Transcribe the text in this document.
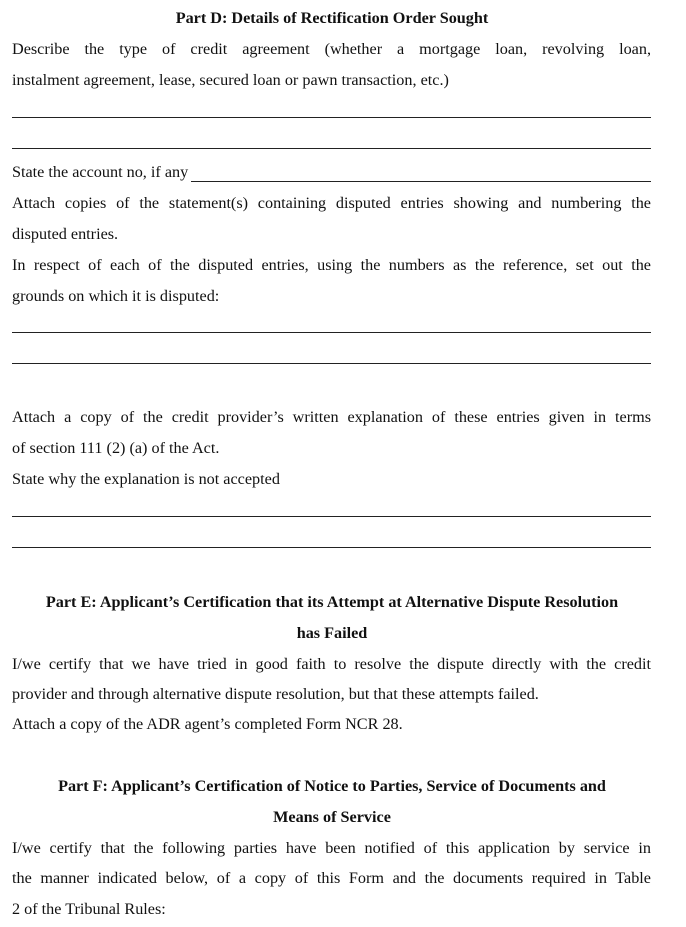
Part D: Details of Rectification Order Sought
Describe the type of credit agreement (whether a mortgage loan, revolving loan,
instalment agreement, lease, secured loan or pawn transaction, etc.)
State the account no, if any
Attach copies of the statement(s) containing disputed entries showing and numbering the
disputed entries.
In respect of each of the disputed entries, using the numbers as the reference, set out the
grounds on which it is disputed:
Attach a copy of the credit provider’s written explanation of these entries given in terms
of section 111 (2) (a) of the Act.
State why the explanation is not accepted
Part E: Applicant’s Certification that its Attempt at Alternative Dispute Resolution
has Failed
I/we certify that we have tried in good faith to resolve the dispute directly with the credit
provider and through alternative dispute resolution, but that these attempts failed.
Attach a copy of the ADR agent’s completed Form NCR 28.
Part F: Applicant’s Certification of Notice to Parties, Service of Documents and
Means of Service
I/we certify that the following parties have been notified of this application by service in
the manner indicated below, of a copy of this Form and the documents required in Table
2 of the Tribunal Rules:
